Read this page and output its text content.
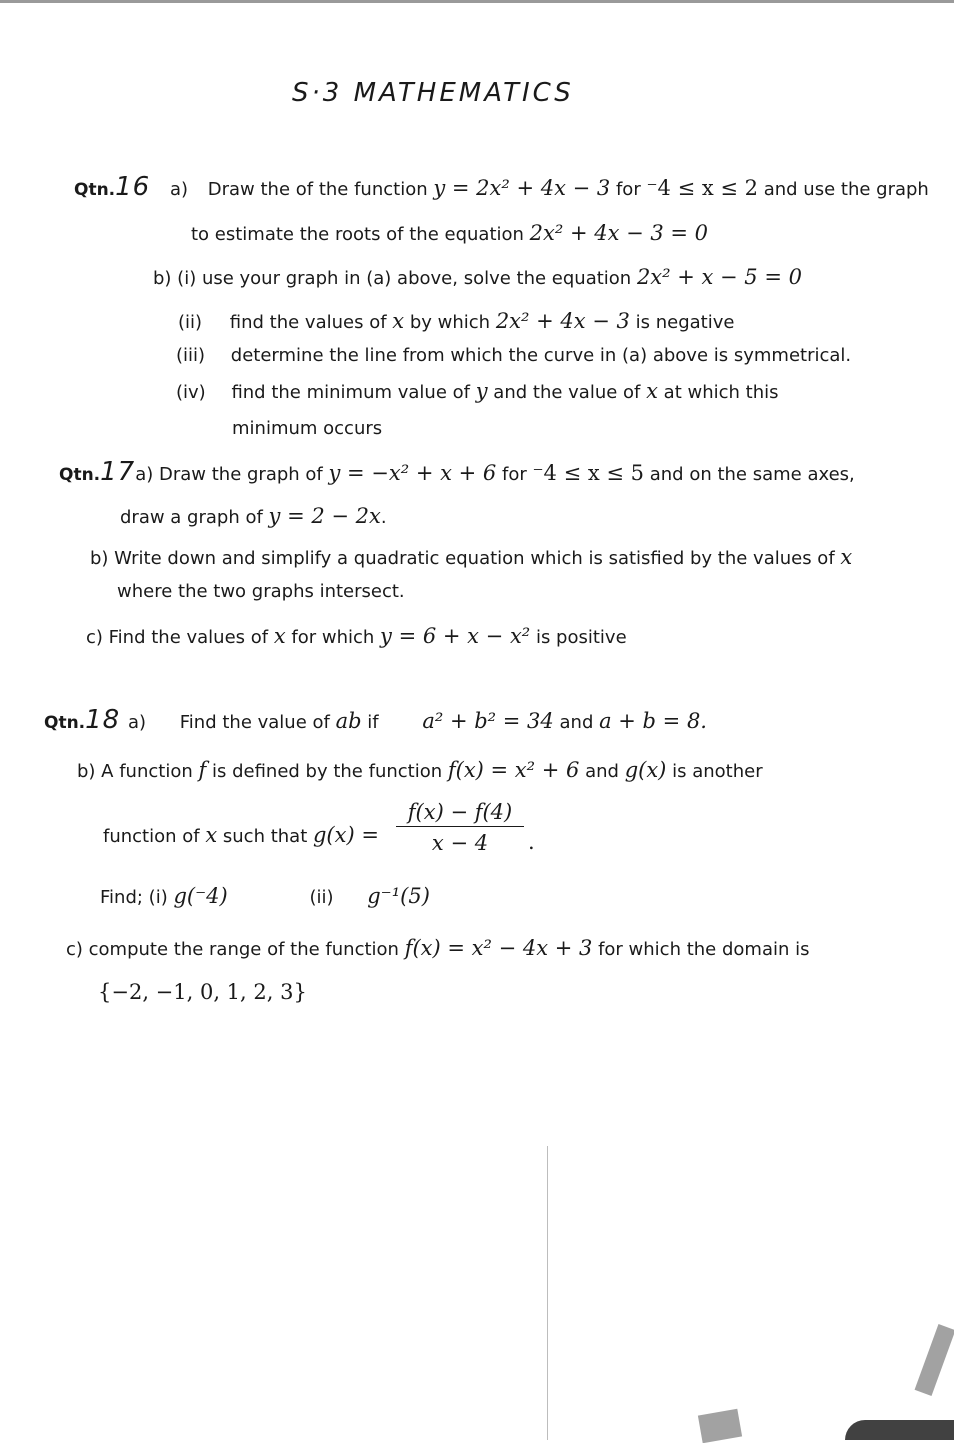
S·3 MATHEMATICS
Qtn.16 a) Draw the of the function y = 2x² + 4x − 3 for ⁻4 ≤ x ≤ 2 and use the graph
to estimate the roots of the equation 2x² + 4x − 3 = 0
b) (i) use your graph in (a) above, solve the equation 2x² + x − 5 = 0
(ii) find the values of x by which 2x² + 4x − 3 is negative
(iii) determine the line from which the curve in (a) above is symmetrical.
(iv) find the minimum value of y and the value of x at which this
minimum occurs
Qtn.17a) Draw the graph of y = −x² + x + 6 for ⁻4 ≤ x ≤ 5 and on the same axes,
draw a graph of y = 2 − 2x.
b) Write down and simplify a quadratic equation which is satisfied by the values of x
where the two graphs intersect.
c) Find the values of x for which y = 6 + x − x² is positive
Qtn.18 a) Find the value of ab if a² + b² = 34 and a + b = 8.
b) A function f is defined by the function f(x) = x² + 6 and g(x) is another
function of x such that $g(x) = \frac{f(x) - f(4)}{x - 4}$ .
Find; (i) g(⁻4)	(ii) g⁻¹(5)
c) compute the range of the function f(x) = x² − 4x + 3 for which the domain is
{−2, −1, 0, 1, 2, 3}
